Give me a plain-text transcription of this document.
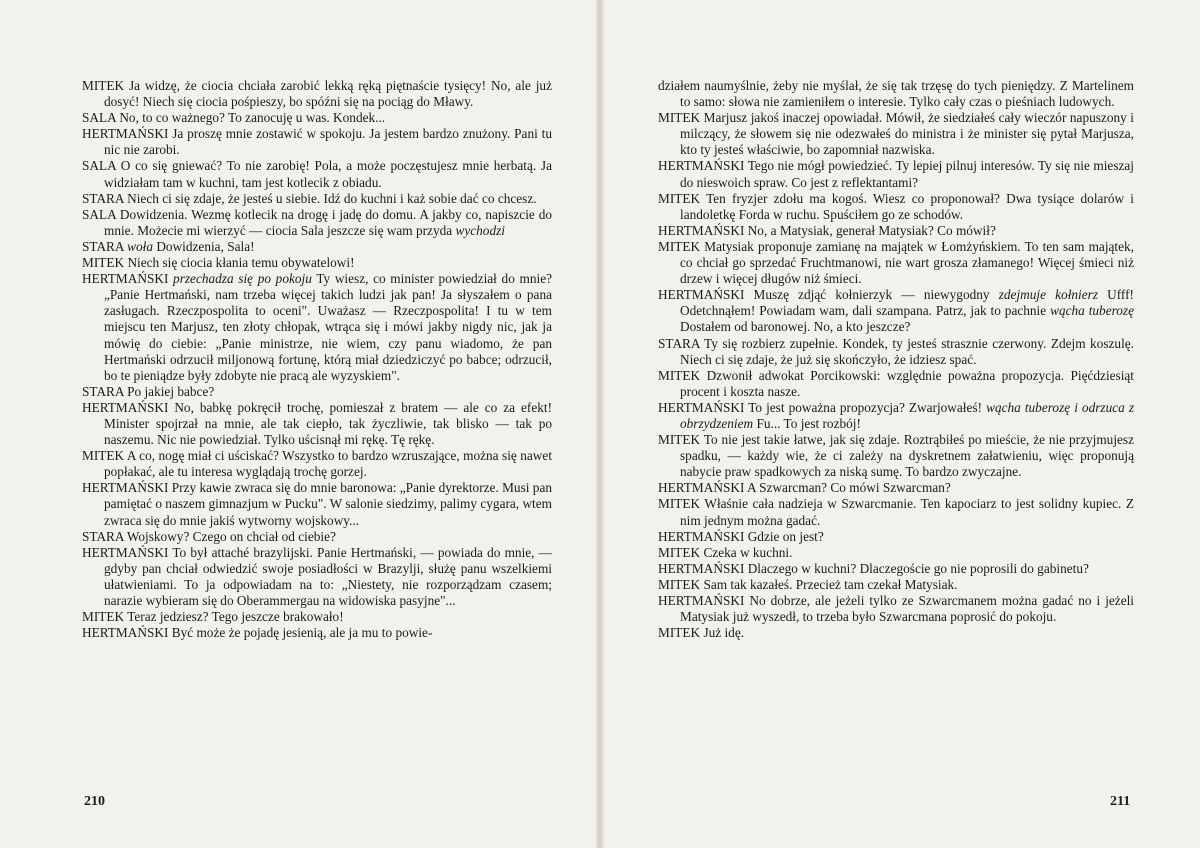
MITEK Ja widzę, że ciocia chciała zarobić lekką ręką piętnaście tysięcy! No, ale już dosyć! Niech się ciocia pośpieszy, bo spóźni się na pociąg do Mławy.

SALA No, to co ważnego? To zanocuję u was. Kondek...

HERTMAŃSKI Ja proszę mnie zostawić w spokoju. Ja jestem bardzo znużony. Pani tu nic nie zarobi.

SALA O co się gniewać? To nie zarobię! Pola, a może poczęstujesz mnie herbatą. Ja widziałam tam w kuchni, tam jest kotlecik z obiadu.

STARA Niech ci się zdaje, że jesteś u siebie. Idź do kuchni i każ sobie dać co chcesz.

SALA Dowidzenia. Wezmę kotlecik na drogę i jadę do domu. A jakby co, napiszcie do mnie. Możecie mi wierzyć — ciocia Sala jeszcze się wam przyda wychodzi

STARA woła Dowidzenia, Sala!

MITEK Niech się ciocia kłania temu obywatelowi!

HERTMAŃSKI przechadza się po pokoju Ty wiesz, co minister powiedział do mnie? „Panie Hertmański, nam trzeba więcej takich ludzi jak pan! Ja słyszałem o pana zasługach. Rzeczpospolita to oceni". Uważasz — Rzeczpospolita! I tu w tem miejscu ten Marjusz, ten złoty chłopak, wtrąca się i mówi jakby nigdy nic, jak ja mówię do ciebie: „Panie ministrze, nie wiem, czy panu wiadomo, że pan Hertmański odrzucił miljonową fortunę, którą miał dziedziczyć po babce; odrzucił, bo te pieniądze były zdobyte nie pracą ale wyzyskiem".

STARA Po jakiej babce?

HERTMAŃSKI No, babkę pokręcił trochę, pomieszał z bratem — ale co za efekt! Minister spojrzał na mnie, ale tak ciepło, tak życzliwie, tak blisko — tak po naszemu. Nic nie powiedział. Tylko uścisnął mi rękę. Tę rękę.

MITEK A co, nogę miał ci uściskać? Wszystko to bardzo wzruszające, można się nawet popłakać, ale tu interesa wyglądają trochę gorzej.

HERTMAŃSKI Przy kawie zwraca się do mnie baronowa: „Panie dyrektorze. Musi pan pamiętać o naszem gimnazjum w Pucku". W salonie siedzimy, palimy cygara, wtem zwraca się do mnie jakiś wytworny wojskowy...

STARA Wojskowy? Czego on chciał od ciebie?

HERTMAŃSKI To był attaché brazylijski. Panie Hertmański, — powiada do mnie, — gdyby pan chciał odwiedzić swoje posiadłości w Brazylji, służę panu wszelkiemi ułatwieniami. To ja odpowiadam na to: „Niestety, nie rozporządzam czasem; narazie wybieram się do Oberammergau na widowiska pasyjne"...

MITEK Teraz jedziesz? Tego jeszcze brakowało!

HERTMAŃSKI Być może że pojadę jesienią, ale ja mu to powie-

210

działem naumyślnie, żeby nie myślał, że się tak trzęsę do tych pieniędzy. Z Martelinem to samo: słowa nie zamieniłem o interesie. Tylko cały czas o pieśniach ludowych.

MITEK Marjusz jakoś inaczej opowiadał. Mówił, że siedziałeś cały wieczór napuszony i milczący, że słowem się nie odezwałeś do ministra i że minister się pytał Marjusza, kto ty jesteś właściwie, bo zapomniał nazwiska.

HERTMAŃSKI Tego nie mógł powiedzieć. Ty lepiej pilnuj interesów. Ty się nie mieszaj do nieswoich spraw. Co jest z reflektantami?

MITEK Ten fryzjer zdołu ma kogoś. Wiesz co proponował? Dwa tysiące dolarów i landoletkę Forda w ruchu. Spuściłem go ze schodów.

HERTMAŃSKI No, a Matysiak, generał Matysiak? Co mówił?

MITEK Matysiak proponuje zamianę na majątek w Łomżyńskiem. To ten sam majątek, co chciał go sprzedać Fruchtmanowi, nie wart grosza złamanego! Więcej śmieci niż drzew i więcej długów niż śmieci.

HERTMAŃSKI Muszę zdjąć kołnierzyk — niewygodny zdejmuje kołnierz Ufff! Odetchnąłem! Powiadam wam, dali szampana. Patrz, jak to pachnie wącha tuberozę Dostałem od baronowej. No, a kto jeszcze?

STARA Ty się rozbierz zupełnie. Kondek, ty jesteś strasznie czerwony. Zdejm koszulę. Niech ci się zdaje, że już się skończyło, że idziesz spać.

MITEK Dzwonił adwokat Porcikowski: względnie poważna propozycja. Pięćdziesiąt procent i koszta nasze.

HERTMAŃSKI To jest poważna propozycja? Zwarjowałeś! wącha tuberozę i odrzuca z obrzydzeniem Fu... To jest rozbój!

MITEK To nie jest takie łatwe, jak się zdaje. Roztrąbiłeś po mieście, że nie przyjmujesz spadku, — każdy wie, że ci zależy na dyskretnem załatwieniu, więc proponują nabycie praw spadkowych za niską sumę. To bardzo zwyczajne.

HERTMAŃSKI A Szwarcman? Co mówi Szwarcman?

MITEK Właśnie cała nadzieja w Szwarcmanie. Ten kapociarz to jest solidny kupiec. Z nim jednym można gadać.

HERTMAŃSKI Gdzie on jest?

MITEK Czeka w kuchni.

HERTMAŃSKI Dlaczego w kuchni? Dlaczegoście go nie poprosili do gabinetu?

MITEK Sam tak kazałeś. Przecież tam czekał Matysiak.

HERTMAŃSKI No dobrze, ale jeżeli tylko ze Szwarcmanem można gadać no i jeżeli Matysiak już wyszedł, to trzeba było Szwarcmana poprosić do pokoju.

MITEK Już idę.

211
